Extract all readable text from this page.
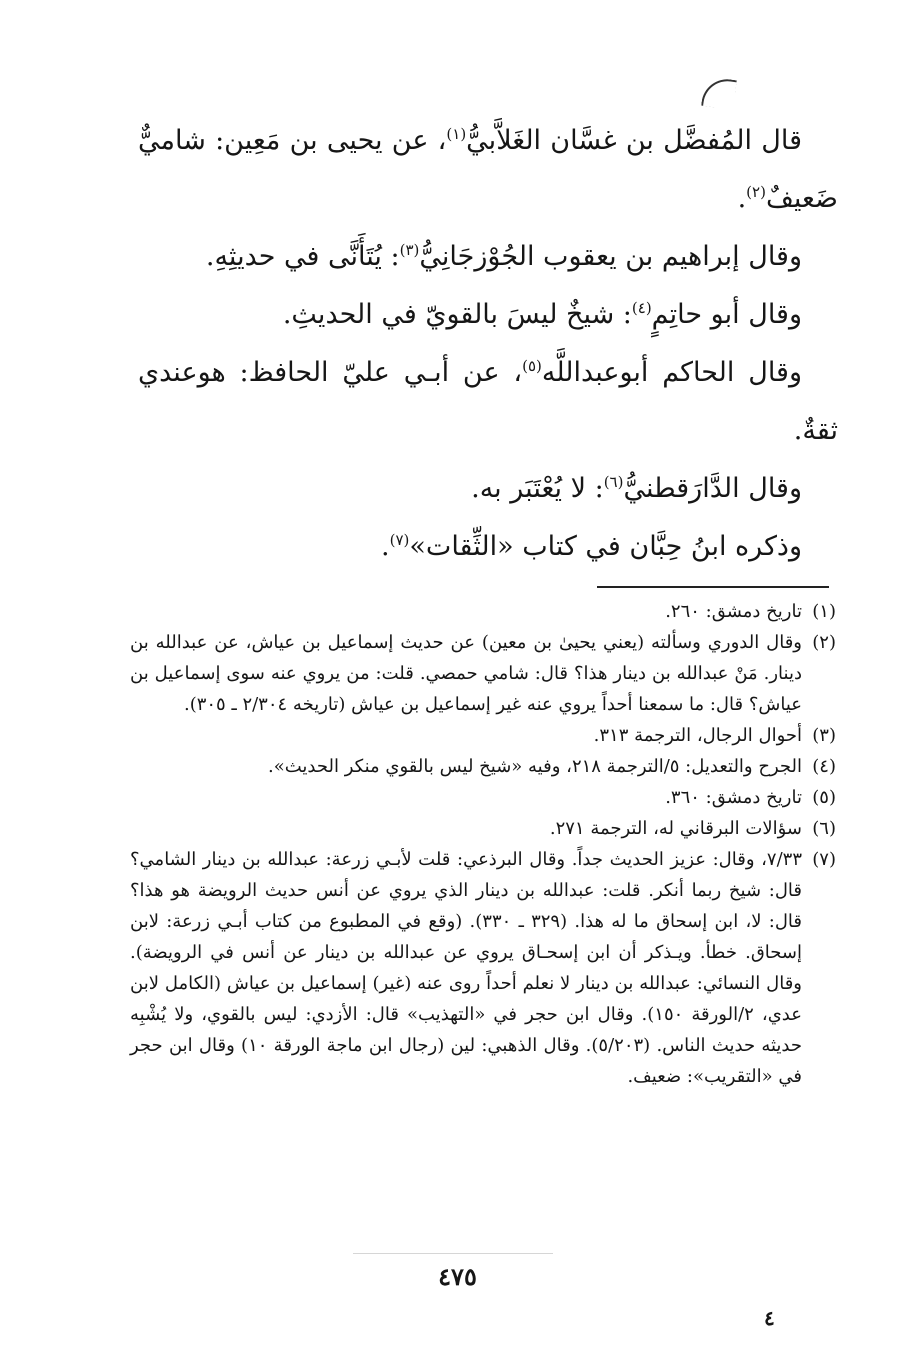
قال المُفضَّل بن غسَّان الغَلاَّبيُّ$^{(١)}$، عن يحيى بن مَعِين: شاميٌّ ضَعيفٌ$^{(٢)}$.

وقال إبراهيم بن يعقوب الجُوْزجَانِيُّ$^{(٣)}$: يُتَأَنَّى في حديثِهِ.

وقال أبو حاتِمٍ$^{(٤)}$: شيخٌ ليسَ بالقويّ في الحديثِ.

وقال الحاكم أبوعبداللَّه$^{(٥)}$، عن أبـي عليّ الحافظ: هوعندي ثقةٌ.

وقال الدَّارَقطنيُّ$^{(٦)}$: لا يُعْتَبَر به.

وذكره ابنُ حِبَّان في كتاب «الثِّقات»$^{(٧)}$.

(١)
تاريخ دمشق: ٢٦٠.
(٢)
وقال الدوري وسألته (يعني يحيىٰ بن معين) عن حديث إسماعيل بن عياش، عن عبدالله بن دينار. مَنْ عبدالله بن دينار هذا؟ قال: شامي حمصي. قلت: من يروي عنه سوى إسماعيل بن عياش؟ قال: ما سمعنا أحداً يروي عنه غير إسماعيل بن عياش (تاريخه ٢/٣٠٤ ـ ٣٠٥).
(٣)
أحوال الرجال، الترجمة ٣١٣.
(٤)
الجرح والتعديل: ٥/الترجمة ٢١٨، وفيه «شيخ ليس بالقوي منكر الحديث».
(٥)
تاريخ دمشق: ٣٦٠.
(٦)
سؤالات البرقاني له، الترجمة ٢٧١.
(٧)
٧/٣٣، وقال: عزيز الحديث جداً. وقال البرذعي: قلت لأبـي زرعة: عبدالله بن دينار الشامي؟ قال: شيخ ربما أنكر. قلت: عبدالله بن دينار الذي يروي عن أنس حديث الرويضة هو هذا؟ قال: لا، ابن إسحاق ما له هذا. (٣٢٩ ـ ٣٣٠). (وقع في المطبوع من كتاب أبـي زرعة: لابن إسحاق. خطأ. ويـذكر أن ابن إسحـاق يروي عن عبدالله بن دينار عن أنس في الرويضة). وقال النسائي: عبدالله بن دينار لا نعلم أحداً روى عنه (غير) إسماعيل بن عياش (الكامل لابن عدي، ٢/الورقة ١٥٠). وقال ابن حجر في «التهذيب» قال: الأزدي: ليس بالقوي، ولا يُشْبِه حديثه حديث الناس. (٥/٢٠٣). وقال الذهبي: لين (رجال ابن ماجة الورقة ١٠) وقال ابن حجر في «التقريب»: ضعيف.
٤٧٥
٤
